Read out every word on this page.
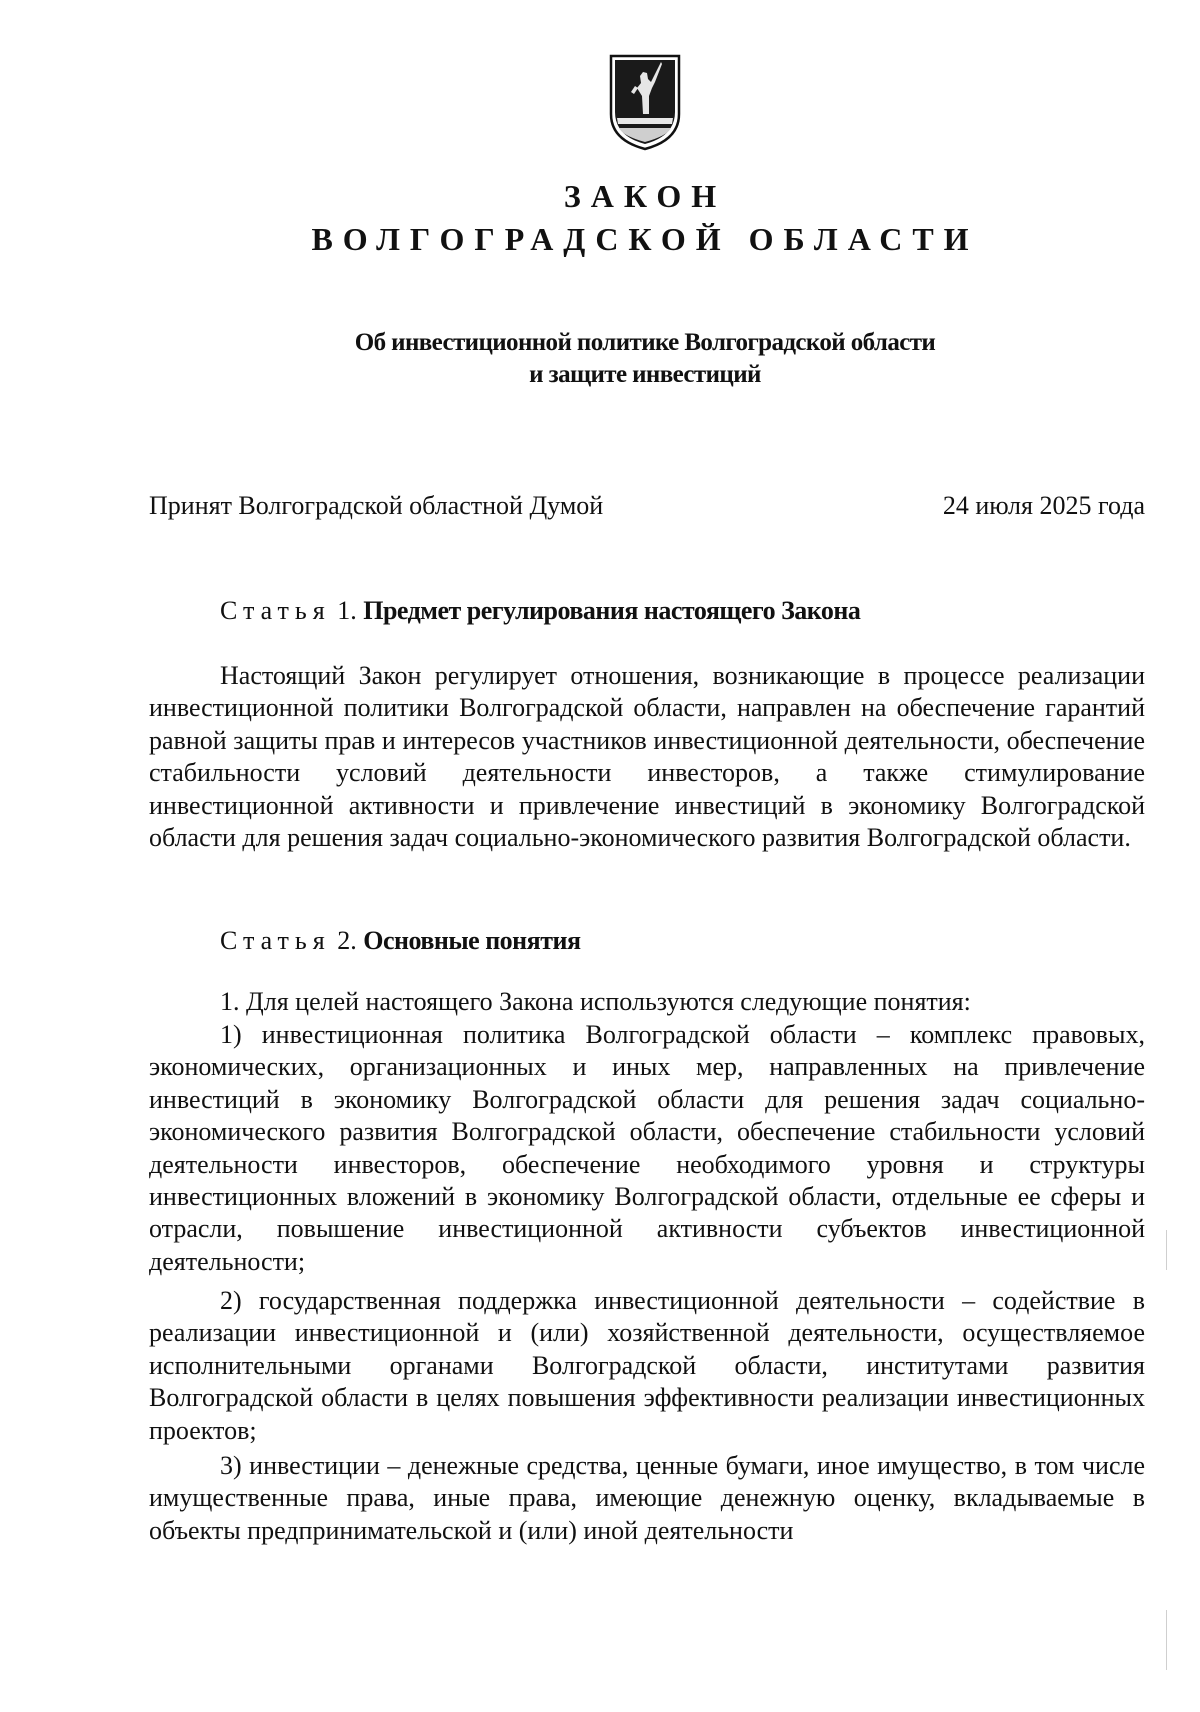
ЗАКОН
ВОЛГОГРАДСКОЙ ОБЛАСТИ
Об инвестиционной политике Волгоградской области
и защите инвестиций
Принят Волгоградской областной Думой	24 июля 2025 года
Статья 1. Предмет регулирования настоящего Закона
Настоящий Закон регулирует отношения, возникающие в процессе реализации инвестиционной политики Волгоградской области, направлен на обеспечение гарантий равной защиты прав и интересов участников инвестиционной деятельности, обеспечение стабильности условий деятельности инвесторов, а также стимулирование инвестиционной активности и привлечение инвестиций в экономику Волгоградской области для решения задач социально-экономического развития Волгоградской области.
Статья 2. Основные понятия
1. Для целей настоящего Закона используются следующие понятия:
1) инвестиционная политика Волгоградской области – комплекс правовых, экономических, организационных и иных мер, направленных на привлечение инвестиций в экономику Волгоградской области для решения задач социально-экономического развития Волгоградской области, обеспечение стабильности условий деятельности инвесторов, обеспечение необходимого уровня и структуры инвестиционных вложений в экономику Волгоградской области, отдельные ее сферы и отрасли, повышение инвестиционной активности субъектов инвестиционной деятельности;
2) государственная поддержка инвестиционной деятельности – содействие в реализации инвестиционной и (или) хозяйственной деятельности, осуществляемое исполнительными органами Волгоградской области, институтами развития Волгоградской области в целях повышения эффективности реализации инвестиционных проектов;
3) инвестиции – денежные средства, ценные бумаги, иное имущество, в том числе имущественные права, иные права, имеющие денежную оценку, вкладываемые в объекты предпринимательской и (или) иной деятельности
